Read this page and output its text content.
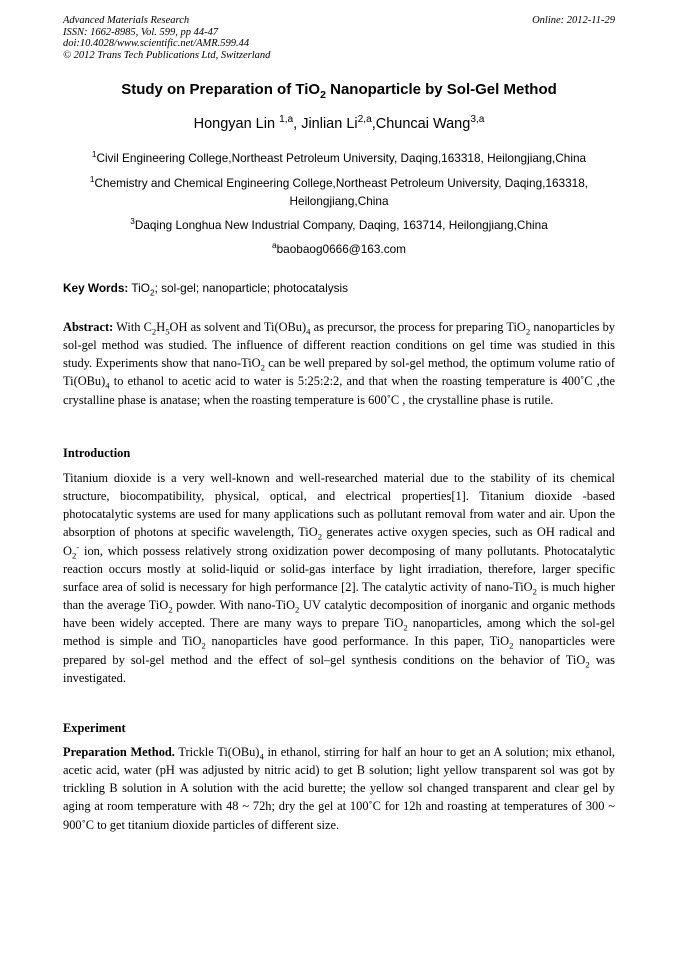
Advanced Materials Research
ISSN: 1662-8985, Vol. 599, pp 44-47
doi:10.4028/www.scientific.net/AMR.599.44
© 2012 Trans Tech Publications Ltd, Switzerland
Online: 2012-11-29
Study on Preparation of TiO$_2$ Nanoparticle by Sol-Gel Method
Hongyan Lin $^{1,a}$, Jinlian Li$^{2,a}$,Chuncai Wang$^{3,a}$
$^1$Civil Engineering College,Northeast Petroleum University, Daqing,163318, Heilongjiang,China
$^1$Chemistry and Chemical Engineering College,Northeast Petroleum University, Daqing,163318, Heilongjiang,China
$^3$Daqing Longhua New Industrial Company, Daqing, 163714, Heilongjiang,China
$^a$baobaog0666@163.com
Key Words: TiO$_2$; sol-gel; nanoparticle; photocatalysis
Abstract: With $C_2H_5OH$ as solvent and $Ti(OBu)_4$ as precursor, the process for preparing TiO$_2$ nanoparticles by sol-gel method was studied. The influence of different reaction conditions on gel time was studied in this study. Experiments show that nano-TiO$_2$ can be well prepared by sol-gel method, the optimum volume ratio of $Ti(OBu)_4$ to ethanol to acetic acid to water is 5:25:2:2, and that when the roasting temperature is 400˚C ,the crystalline phase is anatase; when the roasting temperature is 600˚C , the crystalline phase is rutile.
Introduction
Titanium dioxide is a very well-known and well-researched material due to the stability of its chemical structure, biocompatibility, physical, optical, and electrical properties[1]. Titanium dioxide -based photocatalytic systems are used for many applications such as pollutant removal from water and air. Upon the absorption of photons at specific wavelength, TiO$_2$ generates active oxygen species, such as OH radical and $O_2^-$ ion, which possess relatively strong oxidization power decomposing of many pollutants. Photocatalytic reaction occurs mostly at solid-liquid or solid-gas interface by light irradiation, therefore, larger specific surface area of solid is necessary for high performance [2]. The catalytic activity of nano-TiO$_2$ is much higher than the average TiO$_2$ powder. With nano-TiO$_2$ UV catalytic decomposition of inorganic and organic methods have been widely accepted. There are many ways to prepare TiO$_2$ nanoparticles, among which the sol-gel method is simple and TiO$_2$ nanoparticles have good performance. In this paper, TiO$_2$ nanoparticles were prepared by sol-gel method and the effect of sol–gel synthesis conditions on the behavior of TiO$_2$ was investigated.
Experiment
Preparation Method. Trickle $Ti(OBu)_4$ in ethanol, stirring for half an hour to get an A solution; mix ethanol, acetic acid, water (pH was adjusted by nitric acid) to get B solution; light yellow transparent sol was got by trickling B solution in A solution with the acid burette; the yellow sol changed transparent and clear gel by aging at room temperature with 48 ~ 72h; dry the gel at 100˚C for 12h and roasting at temperatures of 300 ~ 900˚C to get titanium dioxide particles of different size.
